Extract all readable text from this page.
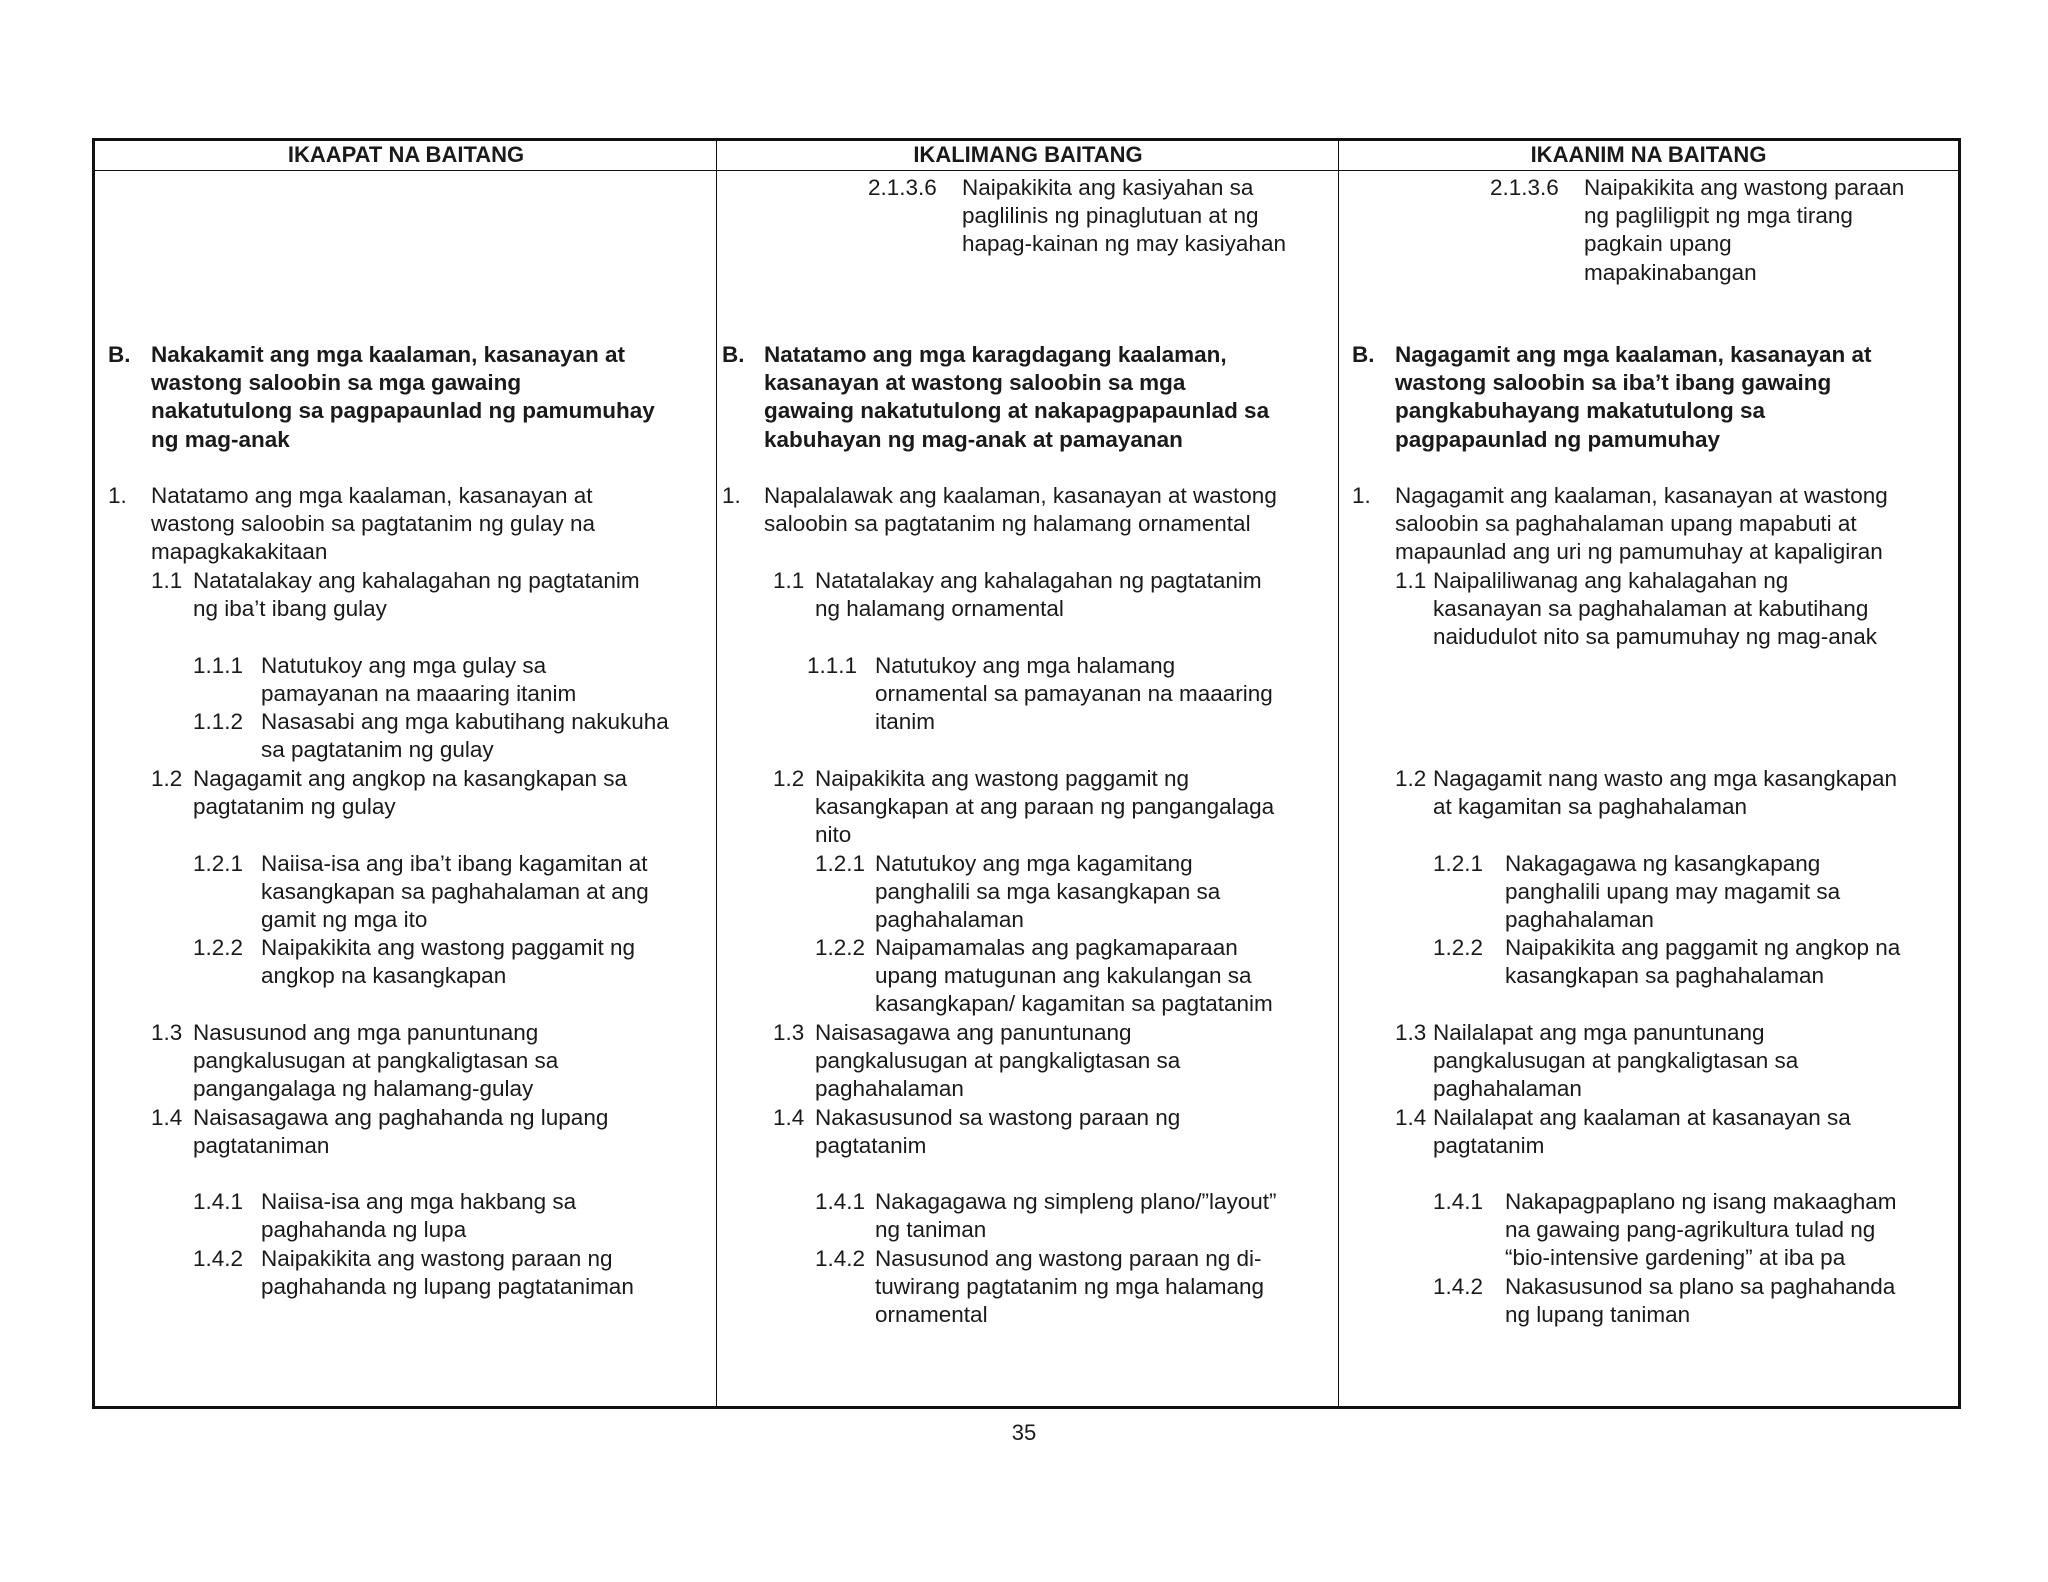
IKAAPAT NA BAITANG	IKALIMANG BAITANG	IKAANIM NA BAITANG
B. Nakakamit ang mga kaalaman, kasanayan at
wastong saloobin sa mga gawaing
nakatutulong sa pagpapaunlad ng pamumuhay
ng mag-anak
1. Natatamo ang mga kaalaman, kasanayan at
wastong saloobin sa pagtatanim ng gulay na
mapagkakakitaan
1.1 Natatalakay ang kahalagahan ng pagtatanim
ng iba’t ibang gulay
1.1.1 Natutukoy ang mga gulay sa
pamayanan na maaaring itanim
1.1.2 Nasasabi ang mga kabutihang nakukuha
sa pagtatanim ng gulay
1.2 Nagagamit ang angkop na kasangkapan sa
pagtatanim ng gulay
1.2.1 Naiisa-isa ang iba’t ibang kagamitan at
kasangkapan sa paghahalaman at ang
gamit ng mga ito
1.2.2 Naipakikita ang wastong paggamit ng
angkop na kasangkapan
1.3 Nasusunod ang mga panuntunang
pangkalusugan at pangkaligtasan sa
pangangalaga ng halamang-gulay
1.4 Naisasagawa ang paghahanda ng lupang
pagtataniman
1.4.1 Naiisa-isa ang mga hakbang sa
paghahanda ng lupa
1.4.2 Naipakikita ang wastong paraan ng
paghahanda ng lupang pagtataniman
2.1.3.6 Naipakikita ang kasiyahan sa
paglilinis ng pinaglutuan at ng
hapag-kainan ng may kasiyahan
B. Natatamo ang mga karagdagang kaalaman,
kasanayan at wastong saloobin sa mga
gawaing nakatutulong at nakapagpapaunlad sa
kabuhayan ng mag-anak at pamayanan
1. Napalalawak ang kaalaman, kasanayan at wastong
saloobin sa pagtatanim ng halamang ornamental
1.1 Natatalakay ang kahalagahan ng pagtatanim
ng halamang ornamental
1.1.1 Natutukoy ang mga halamang
ornamental sa pamayanan na maaaring
itanim
1.2 Naipakikita ang wastong paggamit ng
kasangkapan at ang paraan ng pangangalaga
nito
1.2.1 Natutukoy ang mga kagamitang
panghalili sa mga kasangkapan sa
paghahalaman
1.2.2 Naipamamalas ang pagkamaparaan
upang matugunan ang kakulangan sa
kasangkapan/ kagamitan sa pagtatanim
1.3 Naisasagawa ang panuntunang
pangkalusugan at pangkaligtasan sa
paghahalaman
1.4 Nakasusunod sa wastong paraan ng
pagtatanim
1.4.1 Nakagagawa ng simpleng plano/”layout”
ng taniman
1.4.2 Nasusunod ang wastong paraan ng di-
tuwirang pagtatanim ng mga halamang
ornamental
2.1.3.6 Naipakikita ang wastong paraan
ng pagliligpit ng mga tirang
pagkain upang
mapakinabangan
B. Nagagamit ang mga kaalaman, kasanayan at
wastong saloobin sa iba’t ibang gawaing
pangkabuhayang makatutulong sa
pagpapaunlad ng pamumuhay
1. Nagagamit ang kaalaman, kasanayan at wastong
saloobin sa paghahalaman upang mapabuti at
mapaunlad ang uri ng pamumuhay at kapaligiran
1.1 Naipaliliwanag ang kahalagahan ng
kasanayan sa paghahalaman at kabutihang
naidudulot nito sa pamumuhay ng mag-anak
1.2 Nagagamit nang wasto ang mga kasangkapan
at kagamitan sa paghahalaman
1.2.1 Nakagagawa ng kasangkapang
panghalili upang may magamit sa
paghahalaman
1.2.2 Naipakikita ang paggamit ng angkop na
kasangkapan sa paghahalaman
1.3 Nailalapat ang mga panuntunang
pangkalusugan at pangkaligtasan sa
paghahalaman
1.4 Nailalapat ang kaalaman at kasanayan sa
pagtatanim
1.4.1 Nakapagpaplano ng isang makaagham
na gawaing pang-agrikultura tulad ng
“bio-intensive gardening” at iba pa
1.4.2 Nakasusunod sa plano sa paghahanda
ng lupang taniman
35
